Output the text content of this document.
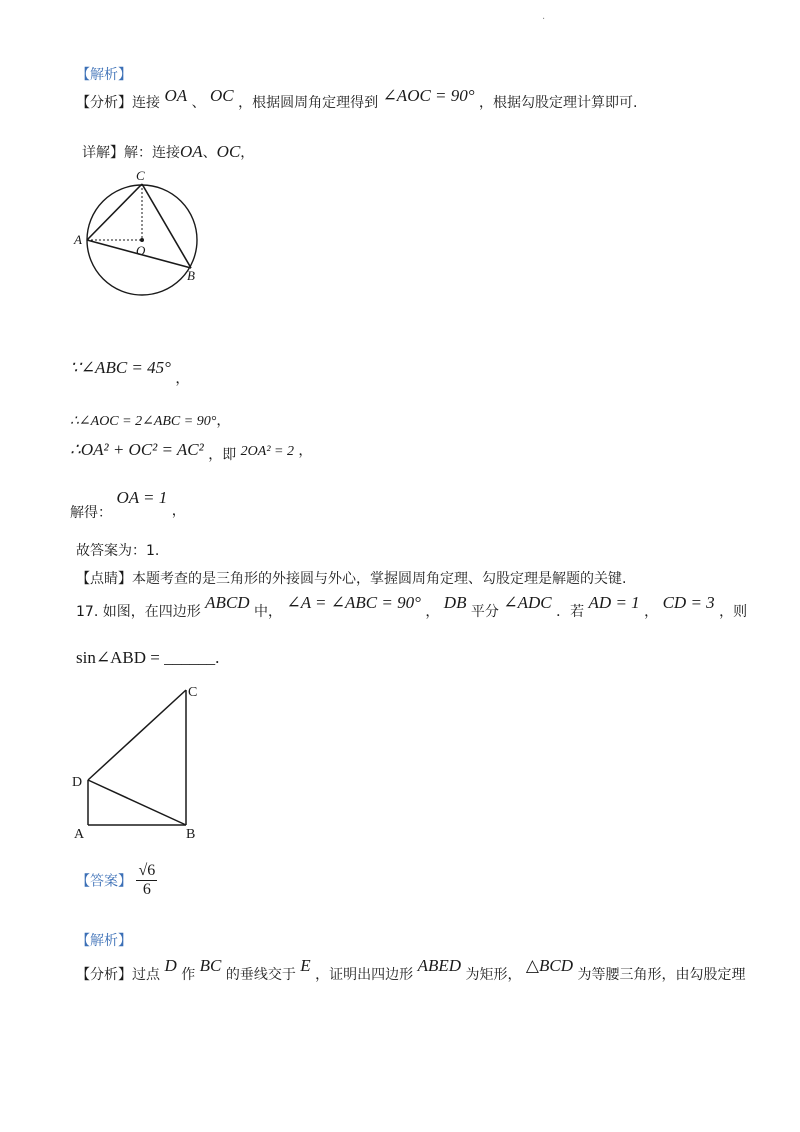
·
【解析】
【分析】连接 OA 、 OC ，根据圆周角定理得到 ∠AOC = 90° ，根据勾股定理计算即可.
详解】解：连接OA、OC，
C
A
O
B
∵∠ABC = 45° ，
∴∠AOC = 2∠ABC = 90°，
∴OA² + OC² = AC² ，即 2OA² = 2 ，
解得： OA = 1 ，
故答案为：1.
【点睛】本题考查的是三角形的外接圆与外心，掌握圆周角定理、勾股定理是解题的关键.
17. 如图，在四边形 ABCD 中， ∠A = ∠ABC = 90° ， DB 平分 ∠ADC ．若 AD = 1 ， CD = 3 ，则
sin∠ABD = ______.
C
D
A	B
【答案】 $\frac{√6}{6}$
【解析】
【分析】过点 D 作 BC 的垂线交于 E ，证明出四边形 ABED 为矩形， △BCD 为等腰三角形，由勾股定理
